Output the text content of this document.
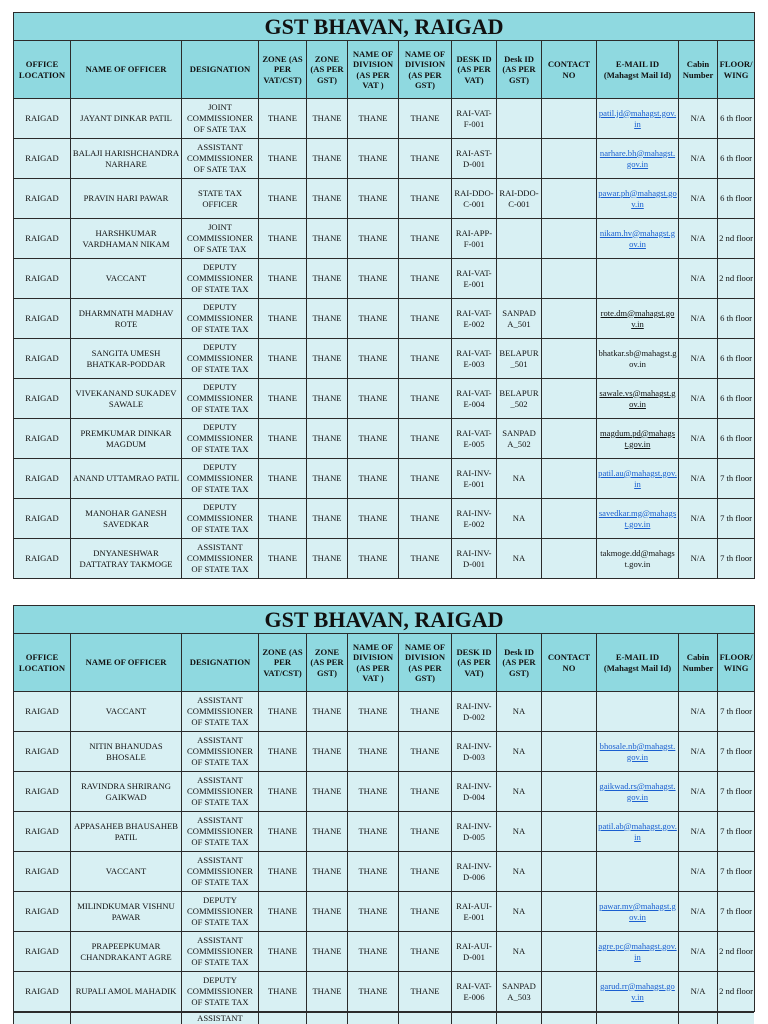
GST BHAVAN, RAIGAD												
OFFICE LOCATION	NAME OF OFFICER	DESIGNATION	ZONE (AS PER VAT/CST)	ZONE (AS PER GST)	NAME OF DIVISION (AS PER VAT )	NAME OF DIVISION (AS PER GST)	DESK ID (AS PER VAT)	Desk ID (AS PER GST)	CONTACT NO	E-MAIL ID (Mahagst Mail Id)	Cabin Number	FLOOR/ WING
RAIGAD	JAYANT DINKAR PATIL	JOINT COMMISSIONER OF SATE TAX	THANE	THANE	THANE	THANE	RAI-VAT-F-001			patil.jd@mahagst.gov.in	N/A	6 th floor
RAIGAD	BALAJI HARISHCHANDRA NARHARE	ASSISTANT COMMISSIONER OF SATE TAX	THANE	THANE	THANE	THANE	RAI-AST-D-001			narhare.bh@mahagst.gov.in	N/A	6 th floor
RAIGAD	PRAVIN HARI PAWAR	STATE TAX OFFICER	THANE	THANE	THANE	THANE	RAI-DDO-C-001	RAI-DDO-C-001		pawar.ph@mahagst.gov.in	N/A	6 th floor
RAIGAD	HARSHKUMAR VARDHAMAN NIKAM	JOINT COMMISSIONER OF SATE TAX	THANE	THANE	THANE	THANE	RAI-APP-F-001			nikam.hv@mahagst.gov.in	N/A	2 nd floor
RAIGAD	VACCANT	DEPUTY COMMISSIONER OF STATE TAX	THANE	THANE	THANE	THANE	RAI-VAT-E-001				N/A	2 nd floor
RAIGAD	DHARMNATH MADHAV ROTE	DEPUTY COMMISSIONER OF STATE TAX	THANE	THANE	THANE	THANE	RAI-VAT-E-002	SANPAD A_501		rote.dm@mahagst.gov.in	N/A	6 th floor
RAIGAD	SANGITA UMESH BHATKAR-PODDAR	DEPUTY COMMISSIONER OF STATE TAX	THANE	THANE	THANE	THANE	RAI-VAT-E-003	BELAPUR _501		bhatkar.sb@mahagst.gov.in	N/A	6 th floor
RAIGAD	VIVEKANAND SUKADEV SAWALE	DEPUTY COMMISSIONER OF STATE TAX	THANE	THANE	THANE	THANE	RAI-VAT-E-004	BELAPUR _502		sawale.vs@mahagst.gov.in	N/A	6 th floor
RAIGAD	PREMKUMAR DINKAR MAGDUM	DEPUTY COMMISSIONER OF STATE TAX	THANE	THANE	THANE	THANE	RAI-VAT-E-005	SANPAD A_502		magdum.pd@mahagst.gov.in	N/A	6 th floor
RAIGAD	ANAND UTTAMRAO PATIL	DEPUTY COMMISSIONER OF STATE TAX	THANE	THANE	THANE	THANE	RAI-INV-E-001	NA		patil.au@mahagst.gov.in	N/A	7 th floor
RAIGAD	MANOHAR GANESH SAVEDKAR	DEPUTY COMMISSIONER OF STATE TAX	THANE	THANE	THANE	THANE	RAI-INV-E-002	NA		savedkar.mg@mahagst.gov.in	N/A	7 th floor
RAIGAD	DNYANESHWAR DATTATRAY TAKMOGE	ASSISTANT COMMISSIONER OF STATE TAX	THANE	THANE	THANE	THANE	RAI-INV-D-001	NA		takmoge.dd@mahagst.gov.in	N/A	7 th floor
GST BHAVAN, RAIGAD												
OFFICE LOCATION	NAME OF OFFICER	DESIGNATION	ZONE (AS PER VAT/CST)	ZONE (AS PER GST)	NAME OF DIVISION (AS PER VAT )	NAME OF DIVISION (AS PER GST)	DESK ID (AS PER VAT)	Desk ID (AS PER GST)	CONTACT NO	E-MAIL ID (Mahagst Mail Id)	Cabin Number	FLOOR/ WING
RAIGAD	VACCANT	ASSISTANT COMMISSIONER OF STATE TAX	THANE	THANE	THANE	THANE	RAI-INV-D-002	NA			N/A	7 th floor
RAIGAD	NITIN BHANUDAS BHOSALE	ASSISTANT COMMISSIONER OF STATE TAX	THANE	THANE	THANE	THANE	RAI-INV-D-003	NA		bhosale.nb@mahagst.gov.in	N/A	7 th floor
RAIGAD	RAVINDRA SHRIRANG GAIKWAD	ASSISTANT COMMISSIONER OF STATE TAX	THANE	THANE	THANE	THANE	RAI-INV-D-004	NA		gaikwad.rs@mahagst.gov.in	N/A	7 th floor
RAIGAD	APPASAHEB BHAUSAHEB PATIL	ASSISTANT COMMISSIONER OF STATE TAX	THANE	THANE	THANE	THANE	RAI-INV-D-005	NA		patil.ab@mahagst.gov.in	N/A	7 th floor
RAIGAD	VACCANT	ASSISTANT COMMISSIONER OF STATE TAX	THANE	THANE	THANE	THANE	RAI-INV-D-006	NA			N/A	7 th floor
RAIGAD	MILINDKUMAR VISHNU PAWAR	DEPUTY COMMISSIONER OF STATE TAX	THANE	THANE	THANE	THANE	RAI-AUI-E-001	NA		pawar.mv@mahagst.gov.in	N/A	7 th floor
RAIGAD	PRAPEEPKUMAR CHANDRAKANT AGRE	ASSISTANT COMMISSIONER OF STATE TAX	THANE	THANE	THANE	THANE	RAI-AUI-D-001	NA		agre.pc@mahagst.gov.in	N/A	2 nd floor
RAIGAD	RUPALI AMOL MAHADIK	DEPUTY COMMISSIONER OF STATE TAX	THANE	THANE	THANE	THANE	RAI-VAT-E-006	SANPAD A_503		garud.rr@mahagst.gov.in	N/A	2 nd floor
		ASSISTANT										
